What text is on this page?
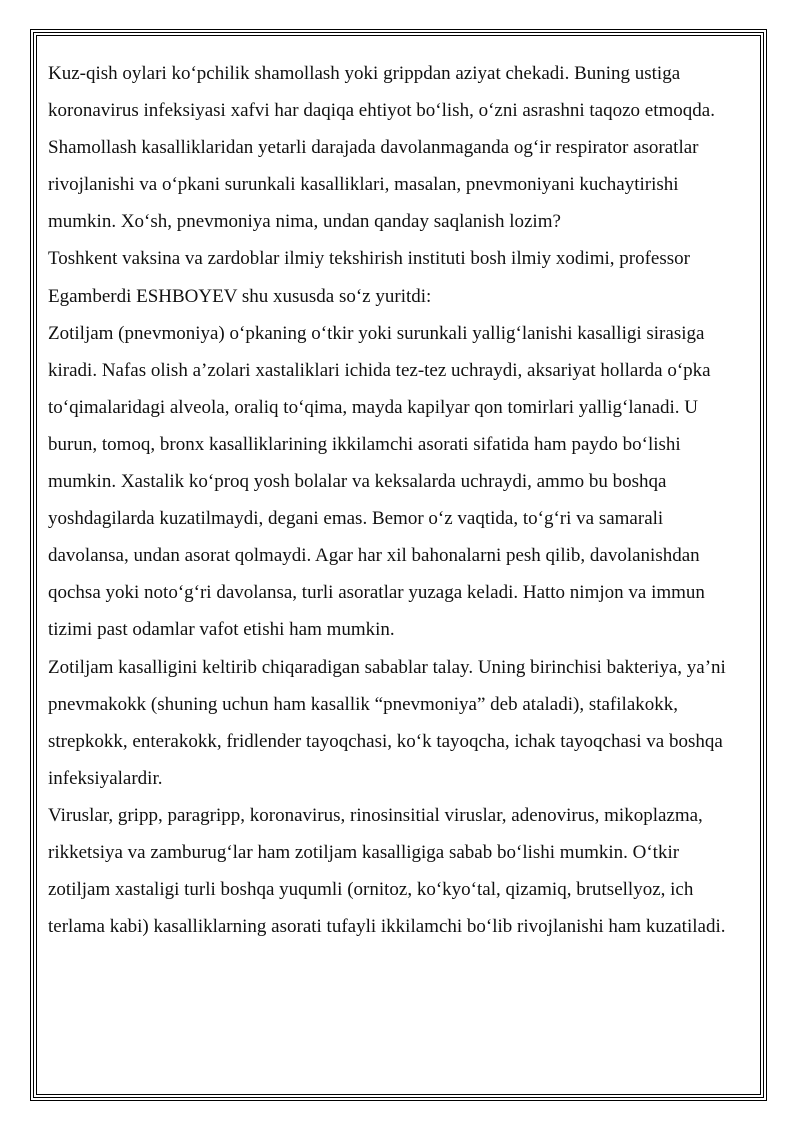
Kuz-qish oylari ko‘pchilik shamollash yoki grippdan aziyat chekadi. Buning ustiga koronavirus infeksiyasi xafvi har daqiqa ehtiyot bo‘lish, o‘zni asrashni taqozo etmoqda. Shamollash kasalliklaridan yetarli darajada davolanmaganda og‘ir respirator asoratlar rivojlanishi va o‘pkani surunkali kasalliklari, masalan, pnevmoniyani kuchaytirishi mumkin. Xo‘sh, pnevmoniya nima, undan qanday saqlanish lozim?

Toshkent vaksina va zardoblar ilmiy tekshirish instituti bosh ilmiy xodimi, professor Egamberdi ESHBOYEV shu xususda so‘z yuritdi:

Zotiljam (pnevmoniya) o‘pkaning o‘tkir yoki surunkali yallig‘lanishi kasalligi sirasiga kiradi. Nafas olish a’zolari xastaliklari ichida tez-tez uchraydi, aksariyat hollarda o‘pka to‘qimalaridagi alveola, oraliq to‘qima, mayda kapilyar qon tomirlari yallig‘lanadi. U burun, tomoq, bronx kasalliklarining ikkilamchi asorati sifatida ham paydo bo‘lishi mumkin. Xastalik ko‘proq yosh bolalar va keksalarda uchraydi, ammo bu boshqa yoshdagilarda kuzatilmaydi, degani emas. Bemor o‘z vaqtida, to‘g‘ri va samarali davolansa, undan asorat qolmaydi. Agar har xil bahonalarni pesh qilib, davolanishdan qochsa yoki noto‘g‘ri davolansa, turli asoratlar yuzaga keladi. Hatto nimjon va immun tizimi past odamlar vafot etishi ham mumkin.

Zotiljam kasalligini keltirib chiqaradigan sabablar talay. Uning birinchisi bakteriya, ya’ni pnevmakokk (shuning uchun ham kasallik “pnevmoniya” deb ataladi), stafilakokk, strepkokk, enterakokk, fridlender tayoqchasi, ko‘k tayoqcha, ichak tayoqchasi va boshqa infeksiyalardir.

Viruslar, gripp, paragripp, koronavirus, rinosinsitial viruslar, adenovirus, mikoplazma, rikketsiya va zamburug‘lar ham zotiljam kasalligiga sabab bo‘lishi mumkin. O‘tkir zotiljam xastaligi turli boshqa yuqumli (ornitoz, ko‘kyo‘tal, qizamiq, brutsellyoz, ich terlama kabi) kasalliklarning asorati tufayli ikkilamchi bo‘lib rivojlanishi ham kuzatiladi.
